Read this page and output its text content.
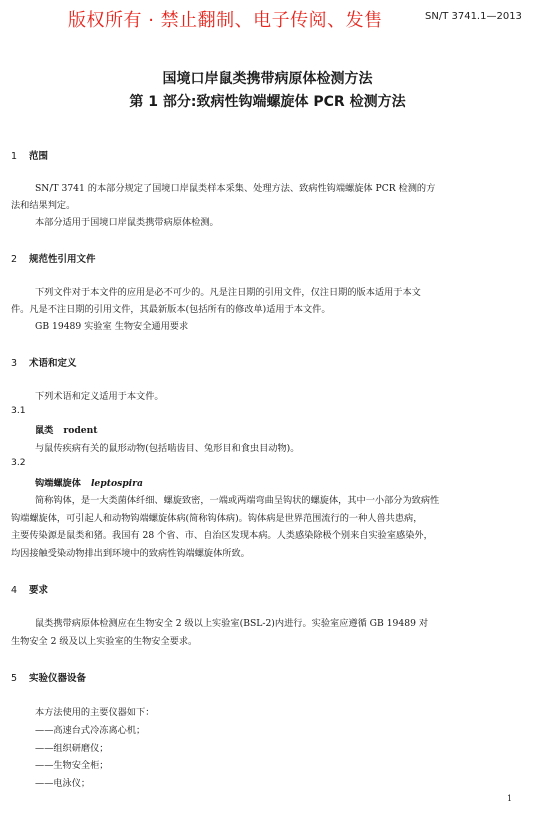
版权所有 · 禁止翻制、电子传阅、发售	SN/T 3741.1—2013
国境口岸鼠类携带病原体检测方法
第 1 部分:致病性钩端螺旋体 PCR 检测方法
1 范围
SN/T 3741 的本部分规定了国境口岸鼠类样本采集、处理方法、致病性钩端螺旋体 PCR 检测的方
法和结果判定。
本部分适用于国境口岸鼠类携带病原体检测。
2 规范性引用文件
下列文件对于本文件的应用是必不可少的。凡是注日期的引用文件，仅注日期的版本适用于本文
件。凡是不注日期的引用文件，其最新版本(包括所有的修改单)适用于本文件。
GB 19489 实验室 生物安全通用要求
3 术语和定义
下列术语和定义适用于本文件。
3.1
鼠类 rodent
与鼠传疾病有关的鼠形动物(包括啮齿目、兔形目和食虫目动物)。
3.2
钩端螺旋体 leptospira
简称钩体，是一大类菌体纤细、螺旋致密，一端或两端弯曲呈钩状的螺旋体，其中一小部分为致病性
钩端螺旋体，可引起人和动物钩端螺旋体病(简称钩体病)。钩体病是世界范围流行的一种人兽共患病，
主要传染源是鼠类和猪。我国有 28 个省、市、自治区发现本病。人类感染除极个别来自实验室感染外，
均因接触受染动物排出到环境中的致病性钩端螺旋体所致。
4 要求
鼠类携带病原体检测应在生物安全 2 级以上实验室(BSL-2)内进行。实验室应遵循 GB 19489 对
生物安全 2 级及以上实验室的生物安全要求。
5 实验仪器设备
本方法使用的主要仪器如下：
——高速台式冷冻离心机；
——组织研磨仪；
——生物安全柜；
——电泳仪；
1
